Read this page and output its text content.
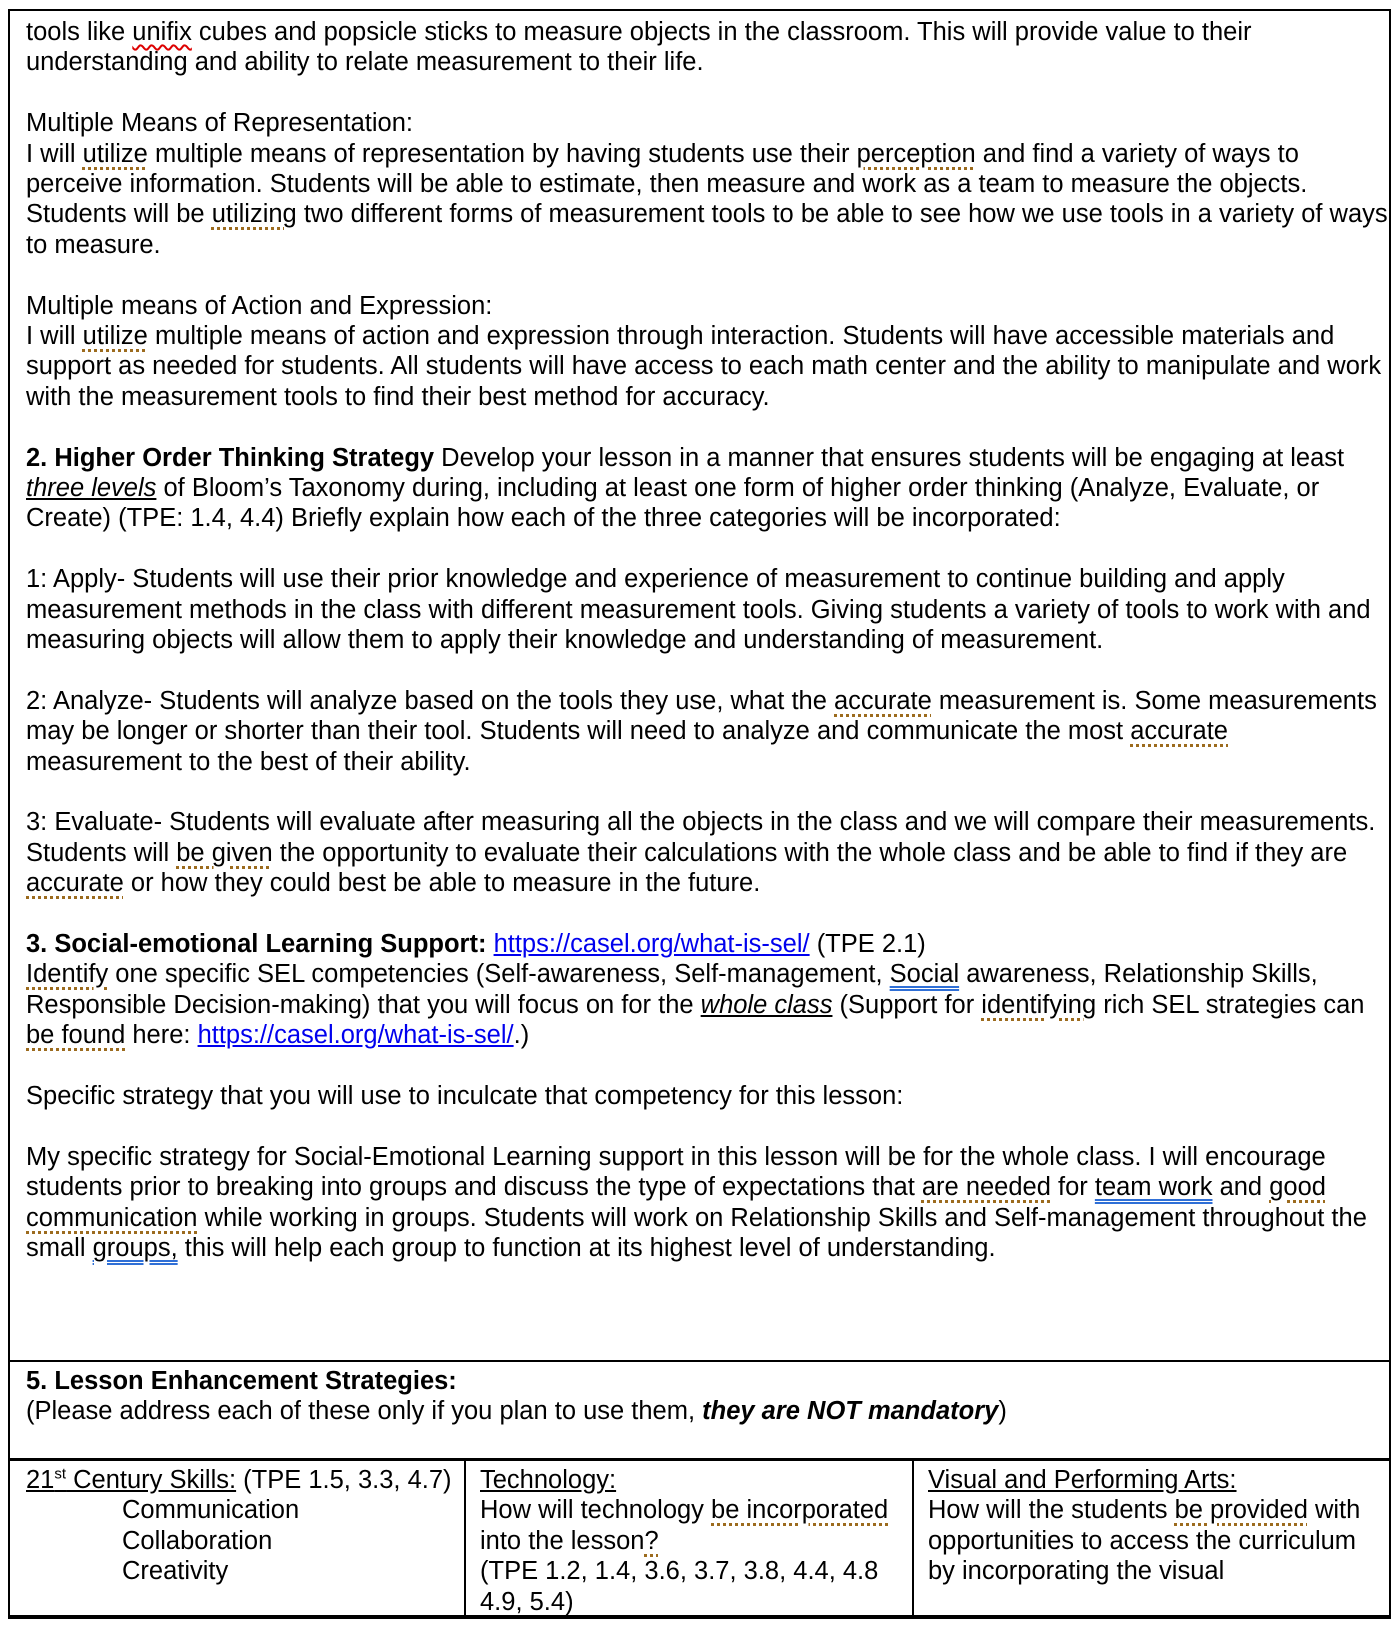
tools like unifix cubes and popsicle sticks to measure objects in the classroom. This will provide value to their understanding and ability to relate measurement to their life.

Multiple Means of Representation:

I will utilize multiple means of representation by having students use their perception and find a variety of ways to perceive information. Students will be able to estimate, then measure and work as a team to measure the objects. Students will be utilizing two different forms of measurement tools to be able to see how we use tools in a variety of ways to measure.

Multiple means of Action and Expression:

I will utilize multiple means of action and expression through interaction. Students will have accessible materials and support as needed for students. All students will have access to each math center and the ability to manipulate and work with the measurement tools to find their best method for accuracy.

2. Higher Order Thinking Strategy Develop your lesson in a manner that ensures students will be engaging at least three levels of Bloom’s Taxonomy during, including at least one form of higher order thinking (Analyze, Evaluate, or Create) (TPE: 1.4, 4.4) Briefly explain how each of the three categories will be incorporated:

1: Apply- Students will use their prior knowledge and experience of measurement to continue building and apply measurement methods in the class with different measurement tools. Giving students a variety of tools to work with and measuring objects will allow them to apply their knowledge and understanding of measurement.

2: Analyze- Students will analyze based on the tools they use, what the accurate measurement is. Some measurements may be longer or shorter than their tool. Students will need to analyze and communicate the most accurate measurement to the best of their ability.

3: Evaluate- Students will evaluate after measuring all the objects in the class and we will compare their measurements. Students will be given the opportunity to evaluate their calculations with the whole class and be able to find if they are accurate or how they could best be able to measure in the future.

3. Social-emotional Learning Support: https://casel.org/what-is-sel/ (TPE 2.1)

Identify one specific SEL competencies (Self-awareness, Self-management, Social awareness, Relationship Skills, Responsible Decision-making) that you will focus on for the whole class (Support for identifying rich SEL strategies can be found here: https://casel.org/what-is-sel/.)

Specific strategy that you will use to inculcate that competency for this lesson:

My specific strategy for Social-Emotional Learning support in this lesson will be for the whole class. I will encourage students prior to breaking into groups and discuss the type of expectations that are needed for team work and good communication while working in groups. Students will work on Relationship Skills and Self-management throughout the small groups, this will help each group to function at its highest level of understanding.

5. Lesson Enhancement Strategies:

(Please address each of these only if you plan to use them, they are NOT mandatory)

21st Century Skills: (TPE 1.5, 3.3, 4.7)

Communication

Collaboration

Creativity

Technology:

How will technology be incorporated into the lesson?

(TPE 1.2, 1.4, 3.6, 3.7, 3.8, 4.4, 4.8 4.9, 5.4)

Visual and Performing Arts:

How will the students be provided with opportunities to access the curriculum by incorporating the visual
